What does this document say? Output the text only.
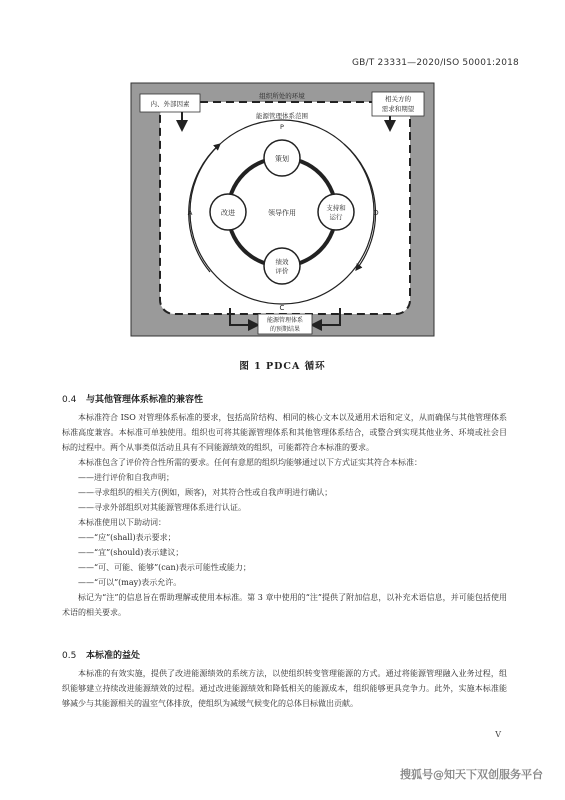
GB/T 23331—2020/ISO 50001:2018
内、外部因素
相关方的
需求和期望
组织所处的环境
能源管理体系范围
P
A	D
C
领导作用
策划
改进
支持和
运行
绩效
评价
能源管理体系
的预期结果
图 1 PDCA 循环
0.4 与其他管理体系标准的兼容性

本标准符合 ISO 对管理体系标准的要求，包括高阶结构、相同的核心文本以及通用术语和定义，从而确保与其他管理体系标准高度兼容。本标准可单独使用。组织也可将其能源管理体系和其他管理体系结合，或整合到实现其他业务、环境或社会目标的过程中。两个从事类似活动且具有不同能源绩效的组织，可能都符合本标准的要求。

本标准包含了评价符合性所需的要求。任何有意愿的组织均能够通过以下方式证实其符合本标准：

——进行评价和自我声明；
——寻求组织的相关方(例如，顾客)，对其符合性或自我声明进行确认；
——寻求外部组织对其能源管理体系进行认证。
本标准使用以下助动词：
——“应”(shall)表示要求；
——“宜”(should)表示建议；
——“可、可能、能够”(can)表示可能性或能力；
——“可以”(may)表示允许。

标记为“注”的信息旨在帮助理解或使用本标准。第 3 章中使用的“注”提供了附加信息，以补充术语信息，并可能包括使用术语的相关要求。

0.5 本标准的益处

本标准的有效实施，提供了改进能源绩效的系统方法，以使组织转变管理能源的方式。通过将能源管理融入业务过程，组织能够建立持续改进能源绩效的过程。通过改进能源绩效和降低相关的能源成本，组织能够更具竞争力。此外，实施本标准能够减少与其能源相关的温室气体排放，使组织为减缓气候变化的总体目标做出贡献。

V
搜狐号@知天下双创服务平台
